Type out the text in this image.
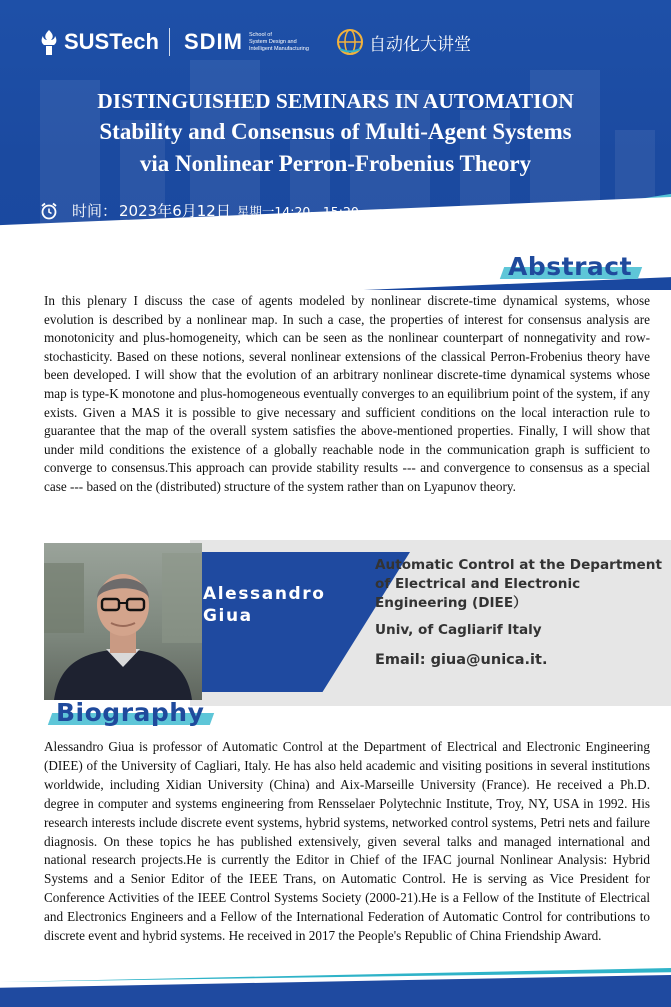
SUSTech SDIM School of
System Design and
Intelligent Manufacturing	自动化大讲堂
DISTINGUISHED SEMINARS IN AUTOMATION
Stability and Consensus of Multi-Agent Systems
via Nonlinear Perron-Frobenius Theory
时间： 2023年6月12日 星期一14:20—15:20
地点： 工学院南楼326会议室
Abstract
In this plenary I discuss the case of agents modeled by nonlinear discrete-time dynamical systems, whose evolution is described by a nonlinear map. In such a case, the properties of interest for consensus analysis are monotonicity and plus-homogeneity, which can be seen as the nonlinear counterpart of nonnegativity and row-stochasticity. Based on these notions, several nonlinear extensions of the classical Perron-Frobenius theory have been developed. I will show that the evolution of an arbitrary nonlinear discrete-time dynamical systems whose map is type-K monotone and plus-homogeneous eventually converges to an equilibrium point of the system, if any exists. Given a MAS it is possible to give necessary and sufficient conditions on the local interaction rule to guarantee that the map of the overall system satisfies the above-mentioned properties. Finally, I will show that under mild conditions the existence of a globally reachable node in the communication graph is sufficient to converge to consensus.This approach can provide stability results --- and convergence to consensus as a special case --- based on the (distributed) structure of the system rather than on Lyapunov theory.
Alessandro
Giua
Automatic Control at the Department of Electrical and Electronic Engineering (DIEE）
Univ, of Cagliarif Italy
Email: giua@unica.it.
Biography
Alessandro Giua is professor of Automatic Control at the Department of Electrical and Electronic Engineering (DIEE) of the University of Cagliari, Italy. He has also held academic and visiting positions in several institutions worldwide, including Xidian University (China) and Aix-Marseille University (France). He received a Ph.D. degree in computer and systems engineering from Rensselaer Polytechnic Institute, Troy, NY, USA in 1992. His research interests include discrete event systems, hybrid systems, networked control systems, Petri nets and failure diagnosis. On these topics he has published extensively, given several talks and managed international and national research projects.He is currently the Editor in Chief of the IFAC journal Nonlinear Analysis: Hybrid Systems and a Senior Editor of the IEEE Trans, on Automatic Control. He is serving as Vice President for Conference Activities of the IEEE Control Systems Society (2000-21).He is a Fellow of the Institute of Electrical and Electronics Engineers and a Fellow of the International Federation of Automatic Control for contributions to discrete event and hybrid systems. He received in 2017 the People's Republic of China Friendship Award.
